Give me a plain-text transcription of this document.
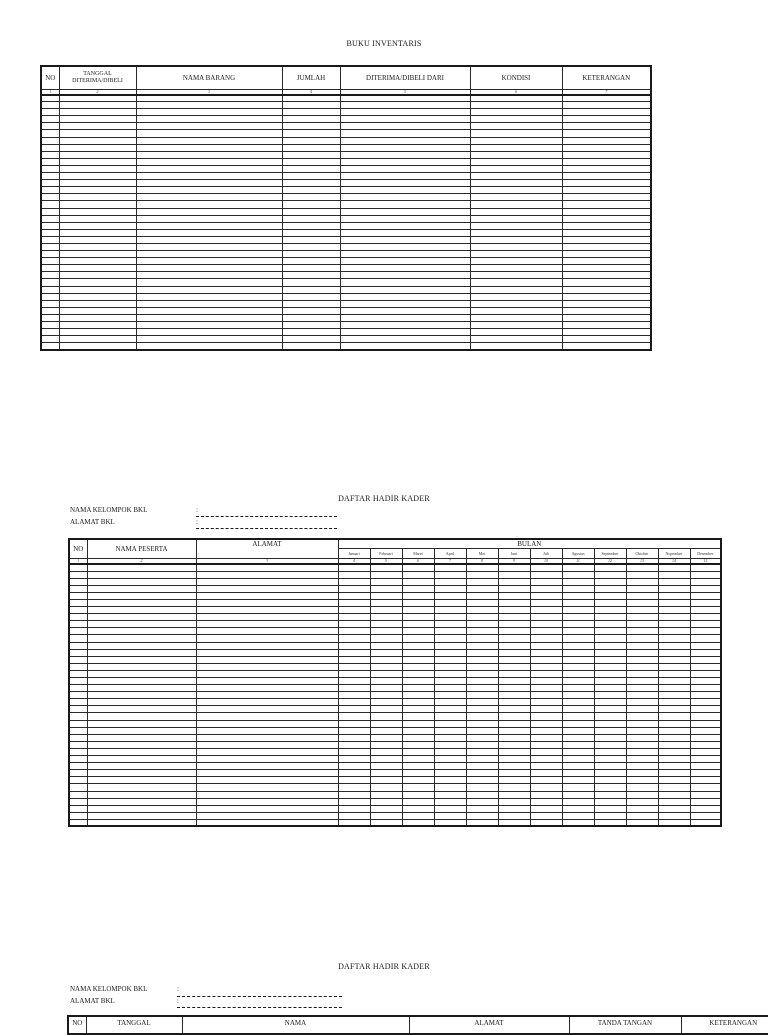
BUKU INVENTARIS
NO	TANGGAL DITERIMA/DIBELI	NAMA BARANG	JUMLAH	DITERIMA/DIBELI DARI	KONDISI	KETERANGAN
1	2	3	4	5	6	7

DAFTAR HADIR KADER
NAMA KELOMPOK BKL	:
ALAMAT BKL	:
NO	NAMA PESERTA	ALAMAT	BULAN											
			Januari	Februari	Maret	April	Mei	Juni	Juli	Agustus	September	Oktober	Nopember	Desember
1	2	3	4	5	6	7	8	9	10	11	12	13	14	15

DAFTAR HADIR KADER
NAMA KELOMPOK BKL	:
ALAMAT BKL	:
NO	TANGGAL	NAMA	ALAMAT	TANDA TANGAN	KETERANGAN
